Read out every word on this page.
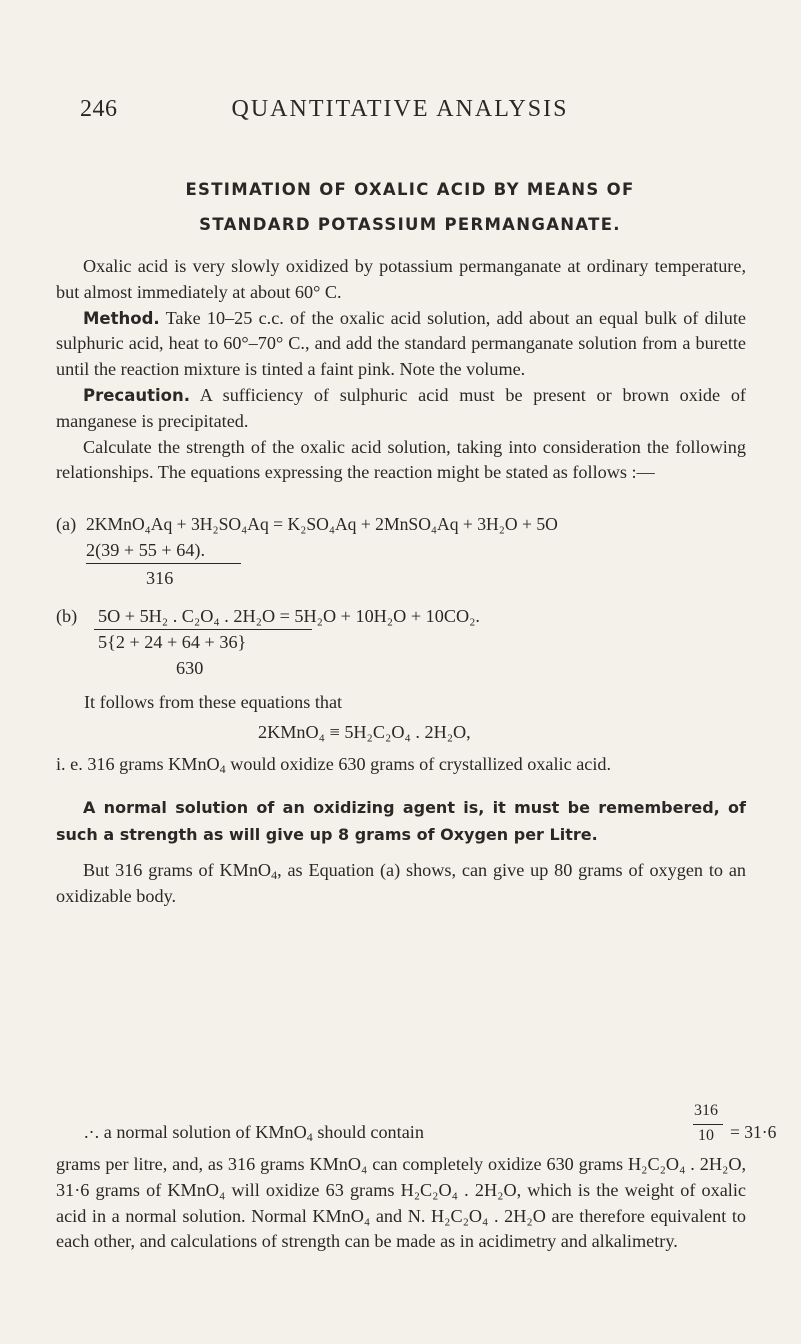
246	QUANTITATIVE ANALYSIS
ESTIMATION OF OXALIC ACID BY MEANS OF
STANDARD POTASSIUM PERMANGANATE.

Oxalic acid is very slowly oxidized by potassium permanganate at ordinary temperature, but almost immediately at about 60° C.

Method. Take 10–25 c.c. of the oxalic acid solution, add about an equal bulk of dilute sulphuric acid, heat to 60°–70° C., and add the standard permanganate solution from a burette until the reaction mixture is tinted a faint pink. Note the volume.

Precaution. A sufficiency of sulphuric acid must be present or brown oxide of manganese is precipitated.

Calculate the strength of the oxalic acid solution, taking into consideration the following relationships. The equations expressing the reaction might be stated as follows :—

(a) 2KMnO₄Aq + 3H₂SO₄Aq = K₂SO₄Aq + 2MnSO₄Aq + 3H₂O + 5O
2(39 + 55 + 64).
316
(b) 5O + 5H₂ . C₂O₄ . 2H₂O = 5H₂O + 10H₂O + 10CO₂.
5{2 + 24 + 64 + 36}
630
It follows from these equations that
2KMnO₄ ≡ 5H₂C₂O₄ . 2H₂O,

i. e. 316 grams KMnO$_4$ would oxidize 630 grams of crystallized oxalic acid.

A normal solution of an oxidizing agent is, it must be remembered, of such a strength as will give up 8 grams of Oxygen per Litre.

But 316 grams of KMnO$_4$, as Equation (a) shows, can give up 80 grams of oxygen to an oxidizable body.

.·. a normal solution of KMnO$_4$ should contain
316
10 = 31·6

grams per litre, and, as 316 grams KMnO₄ can completely oxidize 630 grams H₂C₂O₄ . 2H₂O, 31·6 grams of KMnO₄ will oxidize 63 grams H₂C₂O₄ . 2H₂O, which is the weight of oxalic acid in a normal solution. Normal KMnO₄ and N. H₂C₂O₄ . 2H₂O are therefore equivalent to each other, and calculations of strength can be made as in acidimetry and alkalimetry.
